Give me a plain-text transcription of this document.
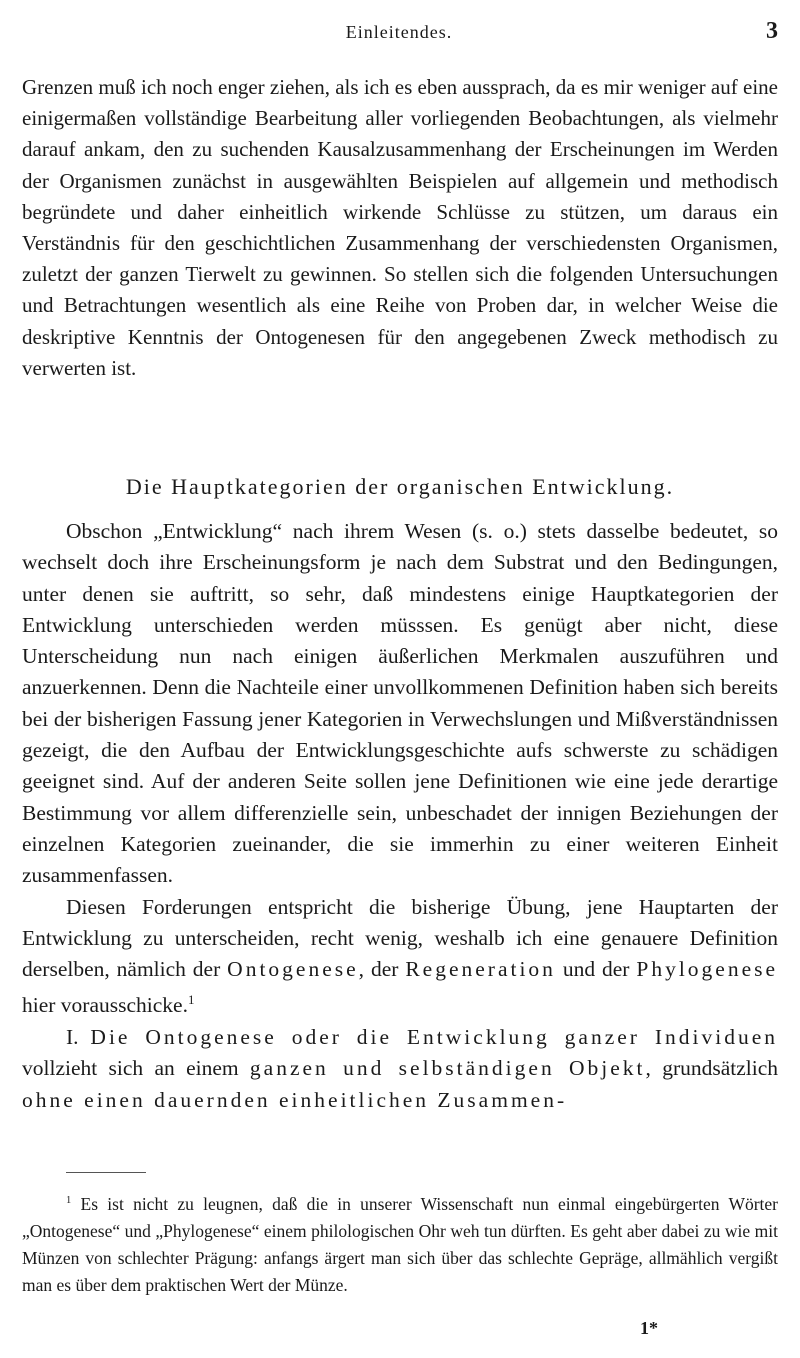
Einleitendes.	3

Grenzen muß ich noch enger ziehen, als ich es eben aussprach, da es mir weniger auf eine einigermaßen vollständige Bearbeitung aller vorliegenden Beobachtungen, als vielmehr darauf ankam, den zu suchenden Kausalzusammenhang der Erscheinungen im Werden der Organismen zunächst in ausgewählten Beispielen auf allgemein und methodisch begründete und daher einheitlich wirkende Schlüsse zu stützen, um daraus ein Verständnis für den geschichtlichen Zusammenhang der verschiedensten Organismen, zuletzt der ganzen Tierwelt zu gewinnen. So stellen sich die folgenden Untersuchungen und Betrachtungen wesentlich als eine Reihe von Proben dar, in welcher Weise die deskriptive Kenntnis der Ontogenesen für den angegebenen Zweck methodisch zu verwerten ist.

Die Hauptkategorien der organischen Entwicklung.

Obschon „Entwicklung“ nach ihrem Wesen (s. o.) stets dasselbe bedeutet, so wechselt doch ihre Erscheinungsform je nach dem Substrat und den Bedingungen, unter denen sie auftritt, so sehr, daß mindestens einige Hauptkategorien der Entwicklung unterschieden werden müsssen. Es genügt aber nicht, diese Unterscheidung nun nach einigen äußerlichen Merkmalen auszuführen und anzuerkennen. Denn die Nachteile einer unvollkommenen Definition haben sich bereits bei der bisherigen Fassung jener Kategorien in Verwechslungen und Mißverständnissen gezeigt, die den Aufbau der Entwicklungsgeschichte aufs schwerste zu schädigen geeignet sind. Auf der anderen Seite sollen jene Definitionen wie eine jede derartige Bestimmung vor allem differenzielle sein, unbeschadet der innigen Beziehungen der einzelnen Kategorien zueinander, die sie immerhin zu einer weiteren Einheit zusammenfassen.

Diesen Forderungen entspricht die bisherige Übung, jene Hauptarten der Entwicklung zu unterscheiden, recht wenig, weshalb ich eine genauere Definition derselben, nämlich der Ontogenese, der Regeneration und der Phylogenese hier vorausschicke.$^1$

I. Die Ontogenese oder die Entwicklung ganzer Individuen vollzieht sich an einem ganzen und selbständigen Objekt, grundsätzlich ohne einen dauernden einheitlichen Zusammen-

$^1$ Es ist nicht zu leugnen, daß die in unserer Wissenschaft nun einmal eingebürgerten Wörter „Ontogenese“ und „Phylogenese“ einem philologischen Ohr weh tun dürften. Es geht aber dabei zu wie mit Münzen von schlechter Prägung: anfangs ärgert man sich über das schlechte Gepräge, allmählich vergißt man es über dem praktischen Wert der Münze.

1*
